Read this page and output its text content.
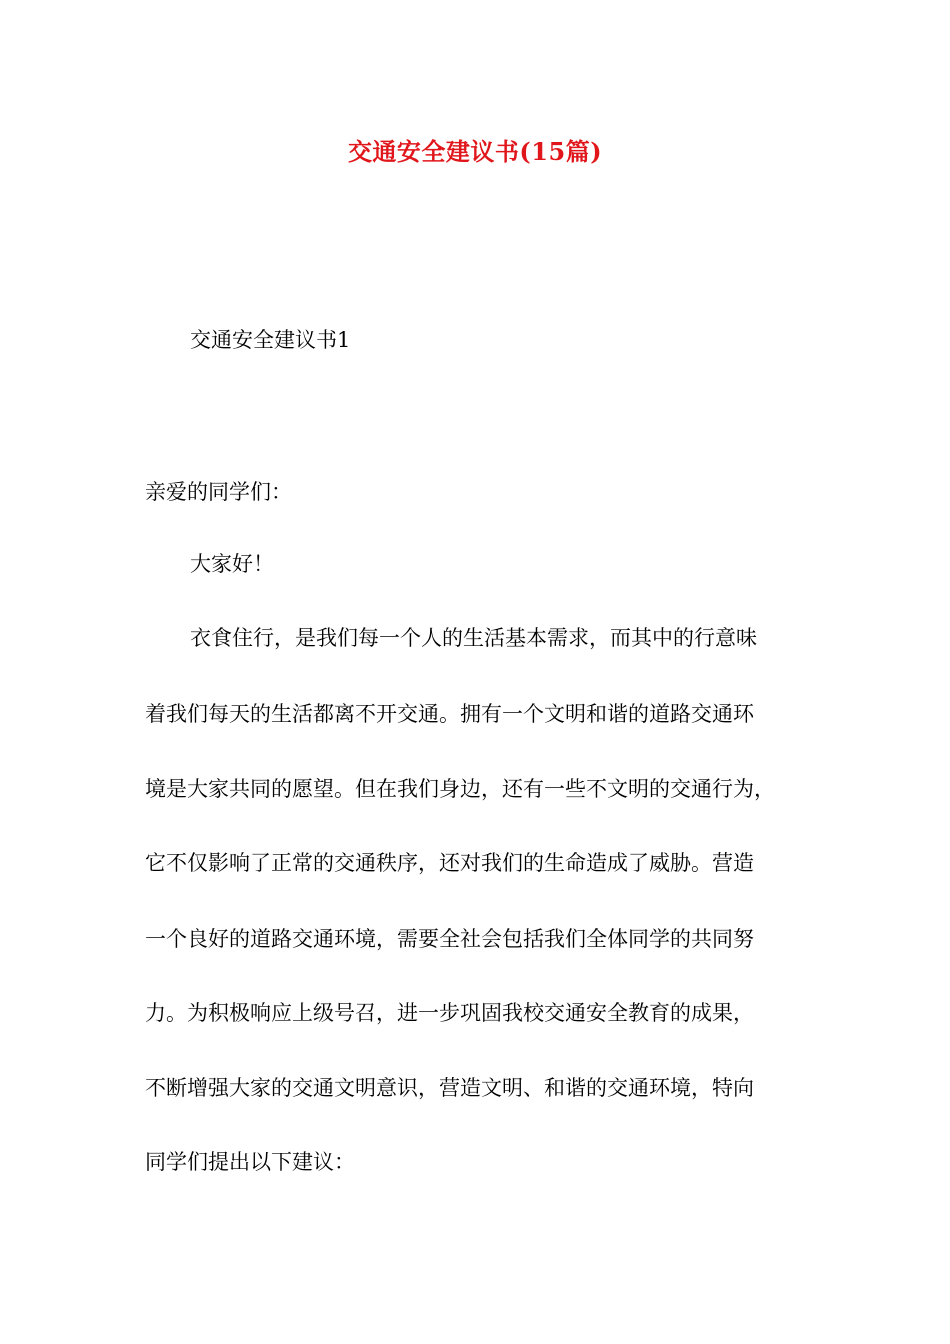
交通安全建议书(15篇)
交通安全建议书1
亲爱的同学们：
大家好！
衣食住行，是我们每一个人的生活基本需求，而其中的行意味
着我们每天的生活都离不开交通。拥有一个文明和谐的道路交通环
境是大家共同的愿望。但在我们身边，还有一些不文明的交通行为，
它不仅影响了正常的交通秩序，还对我们的生命造成了威胁。营造
一个良好的道路交通环境，需要全社会包括我们全体同学的共同努
力。为积极响应上级号召，进一步巩固我校交通安全教育的成果，
不断增强大家的交通文明意识，营造文明、和谐的交通环境，特向
同学们提出以下建议：
